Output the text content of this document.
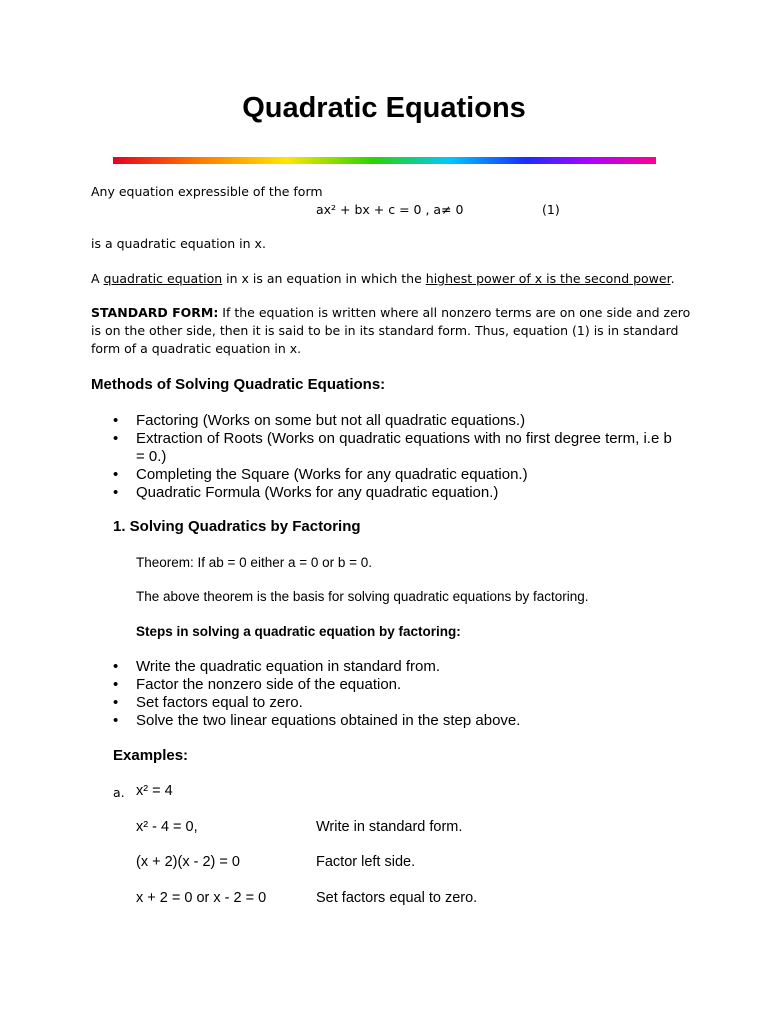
Quadratic Equations
Any equation expressible of the form
ax² + bx + c = 0 , a≠ 0	(1)
is a quadratic equation in x.
A quadratic equation in x is an equation in which the highest power of x is the second power.
STANDARD FORM: If the equation is written where all nonzero terms are on one side and zero is on the other side, then it is said to be in its standard form. Thus, equation (1) is in standard form of a quadratic equation in x.
Methods of Solving Quadratic Equations:
• Factoring (Works on some but not all quadratic equations.)
• Extraction of Roots (Works on quadratic equations with no first degree term, i.e b = 0.)
• Completing the Square (Works for any quadratic equation.)
• Quadratic Formula (Works for any quadratic equation.)
1. Solving Quadratics by Factoring
Theorem: If ab = 0 either a = 0 or b = 0.
The above theorem is the basis for solving quadratic equations by factoring.
Steps in solving a quadratic equation by factoring:
• Write the quadratic equation in standard from.
• Factor the nonzero side of the equation.
• Set factors equal to zero.
• Solve the two linear equations obtained in the step above.
Examples:
a. x² = 4
x² - 4 = 0,	Write in standard form.
(x + 2)(x - 2) = 0	Factor left side.
x + 2 = 0 or x - 2 = 0	Set factors equal to zero.
